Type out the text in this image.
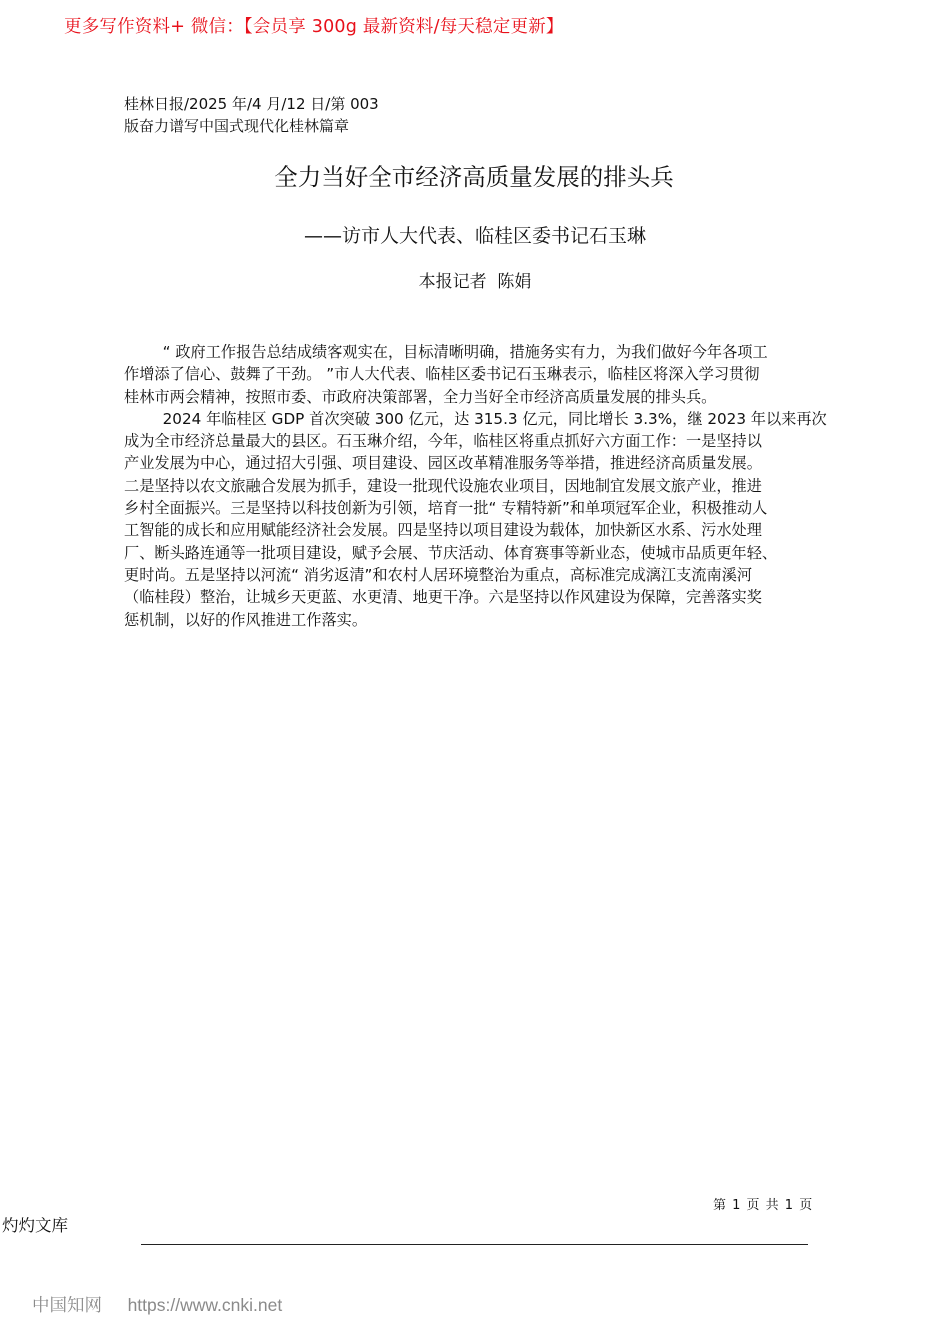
更多写作资料+ 微信：【会员享 300g 最新资料/每天稳定更新】
桂林日报/2025 年/4 月/12 日/第 003
版奋力谱写中国式现代化桂林篇章
全力当好全市经济高质量发展的排头兵
——访市人大代表、临桂区委书记石玉琳
本报记者  陈娟
“ 政府工作报告总结成绩客观实在，目标清晰明确，措施务实有力，为我们做好今年各项工
作增添了信心、鼓舞了干劲。 ”市人大代表、临桂区委书记石玉琳表示，临桂区将深入学习贯彻
桂林市两会精神，按照市委、市政府决策部署，全力当好全市经济高质量发展的排头兵。
2024 年临桂区 GDP 首次突破 300 亿元，达 315.3 亿元，同比增长 3.3%，继 2023 年以来再次
成为全市经济总量最大的县区。石玉琳介绍，今年，临桂区将重点抓好六方面工作：一是坚持以
产业发展为中心，通过招大引强、项目建设、园区改革精准服务等举措，推进经济高质量发展。
二是坚持以农文旅融合发展为抓手，建设一批现代设施农业项目，因地制宜发展文旅产业，推进
乡村全面振兴。三是坚持以科技创新为引领，培育一批“ 专精特新”和单项冠军企业，积极推动人
工智能的成长和应用赋能经济社会发展。四是坚持以项目建设为载体，加快新区水系、污水处理
厂、断头路连通等一批项目建设，赋予会展、节庆活动、体育赛事等新业态，使城市品质更年轻、
更时尚。五是坚持以河流“ 消劣返清”和农村人居环境整治为重点，高标准完成漓江支流南溪河
（临桂段）整治，让城乡天更蓝、水更清、地更干净。六是坚持以作风建设为保障，完善落实奖
惩机制，以好的作风推进工作落实。
第 1 页 共 1 页
灼灼文库
中国知网 https://www.cnki.net
